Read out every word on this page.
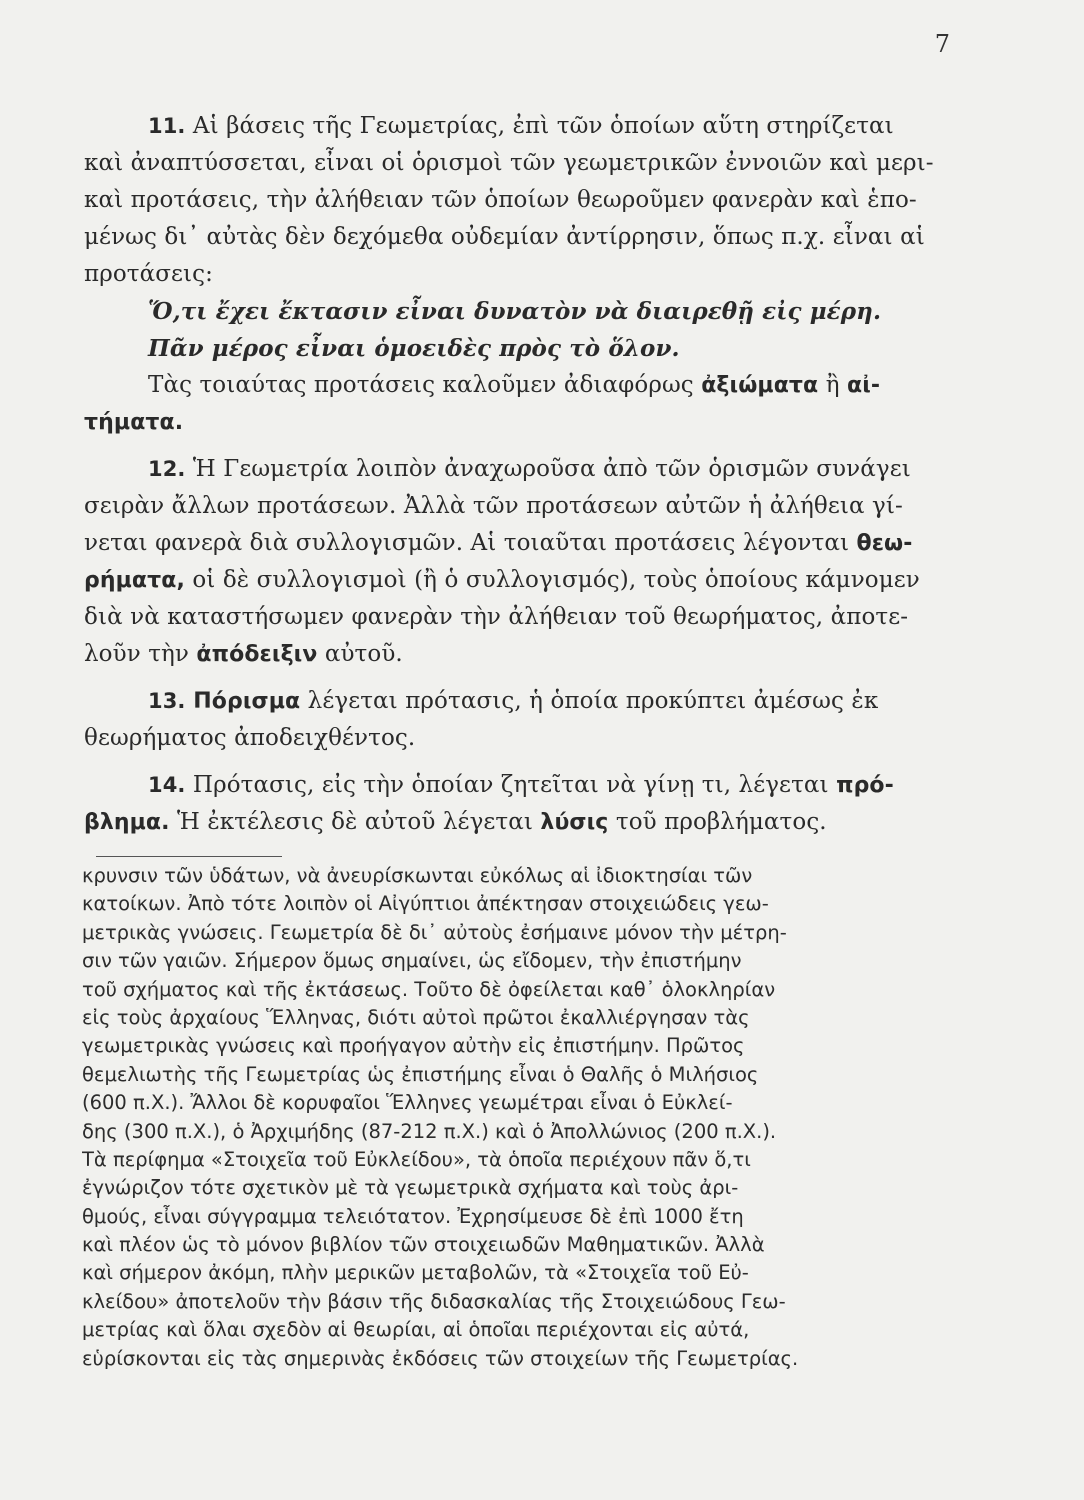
7
11. Αἱ βάσεις τῆς Γεωμετρίας, ἐπὶ τῶν ὁποίων αὕτη στηρίζεται
καὶ ἀναπτύσσεται, εἶναι οἱ ὁρισμοὶ τῶν γεωμετρικῶν ἐννοιῶν καὶ μερι-
καὶ προτάσεις, τὴν ἀλήθειαν τῶν ὁποίων θεωροῦμεν φανερὰν καὶ ἑπο-
μένως δι᾽ αὐτὰς δὲν δεχόμεθα οὐδεμίαν ἀντίρρησιν, ὅπως π.χ. εἶναι αἱ
προτάσεις:
Ὅ,τι ἔχει ἔκτασιν εἶναι δυνατὸν νὰ διαιρεθῇ εἰς μέρη.
Πᾶν μέρος εἶναι ὁμοειδὲς πρὸς τὸ ὅλον.
Τὰς τοιαύτας προτάσεις καλοῦμεν ἀδιαφόρως ἀξιώματα ἢ αἰ-
τήματα.
12. Ἡ Γεωμετρία λοιπὸν ἀναχωροῦσα ἀπὸ τῶν ὁρισμῶν συνάγει
σειρὰν ἄλλων προτάσεων. Ἀλλὰ τῶν προτάσεων αὐτῶν ἡ ἀλήθεια γί-
νεται φανερὰ διὰ συλλογισμῶν. Αἱ τοιαῦται προτάσεις λέγονται θεω-
ρήματα, οἱ δὲ συλλογισμοὶ (ἢ ὁ συλλογισμός), τοὺς ὁποίους κάμνομεν
διὰ νὰ καταστήσωμεν φανερὰν τὴν ἀλήθειαν τοῦ θεωρήματος, ἀποτε-
λοῦν τὴν ἀπόδειξιν αὐτοῦ.
13. Πόρισμα λέγεται πρότασις, ἡ ὁποία προκύπτει ἀμέσως ἐκ
θεωρήματος ἀποδειχθέντος.
14. Πρότασις, εἰς τὴν ὁποίαν ζητεῖται νὰ γίνῃ τι, λέγεται πρό-
βλημα. Ἡ ἐκτέλεσις δὲ αὐτοῦ λέγεται λύσις τοῦ προβλήματος.
κρυνσιν τῶν ὑδάτων, νὰ ἀνευρίσκωνται εὐκόλως αἱ ἰδιοκτησίαι τῶν
κατοίκων. Ἀπὸ τότε λοιπὸν οἱ Αἰγύπτιοι ἀπέκτησαν στοιχειώδεις γεω-
μετρικὰς γνώσεις. Γεωμετρία δὲ δι᾽ αὐτοὺς ἐσήμαινε μόνον τὴν μέτρη-
σιν τῶν γαιῶν. Σήμερον ὅμως σημαίνει, ὡς εἴδομεν, τὴν ἐπιστήμην
τοῦ σχήματος καὶ τῆς ἐκτάσεως. Τοῦτο δὲ ὀφείλεται καθ᾽ ὁλοκληρίαν
εἰς τοὺς ἀρχαίους Ἕλληνας, διότι αὐτοὶ πρῶτοι ἐκαλλιέργησαν τὰς
γεωμετρικὰς γνώσεις καὶ προήγαγον αὐτὴν εἰς ἐπιστήμην. Πρῶτος
θεμελιωτὴς τῆς Γεωμετρίας ὡς ἐπιστήμης εἶναι ὁ Θαλῆς ὁ Μιλήσιος
(600 π.Χ.). Ἄλλοι δὲ κορυφαῖοι Ἕλληνες γεωμέτραι εἶναι ὁ Εὐκλεί-
δης (300 π.Χ.), ὁ Ἀρχιμήδης (87-212 π.Χ.) καὶ ὁ Ἀπολλώνιος (200 π.Χ.).
Τὰ περίφημα «Στοιχεῖα τοῦ Εὐκλείδου», τὰ ὁποῖα περιέχουν πᾶν ὅ,τι
ἐγνώριζον τότε σχετικὸν μὲ τὰ γεωμετρικὰ σχήματα καὶ τοὺς ἀρι-
θμούς, εἶναι σύγγραμμα τελειότατον. Ἐχρησίμευσε δὲ ἐπὶ 1000 ἔτη
καὶ πλέον ὡς τὸ μόνον βιβλίον τῶν στοιχειωδῶν Μαθηματικῶν. Ἀλλὰ
καὶ σήμερον ἀκόμη, πλὴν μερικῶν μεταβολῶν, τὰ «Στοιχεῖα τοῦ Εὐ-
κλείδου» ἀποτελοῦν τὴν βάσιν τῆς διδασκαλίας τῆς Στοιχειώδους Γεω-
μετρίας καὶ ὅλαι σχεδὸν αἱ θεωρίαι, αἱ ὁποῖαι περιέχονται εἰς αὐτά,
εὑρίσκονται εἰς τὰς σημερινὰς ἐκδόσεις τῶν στοιχείων τῆς Γεωμετρίας.
